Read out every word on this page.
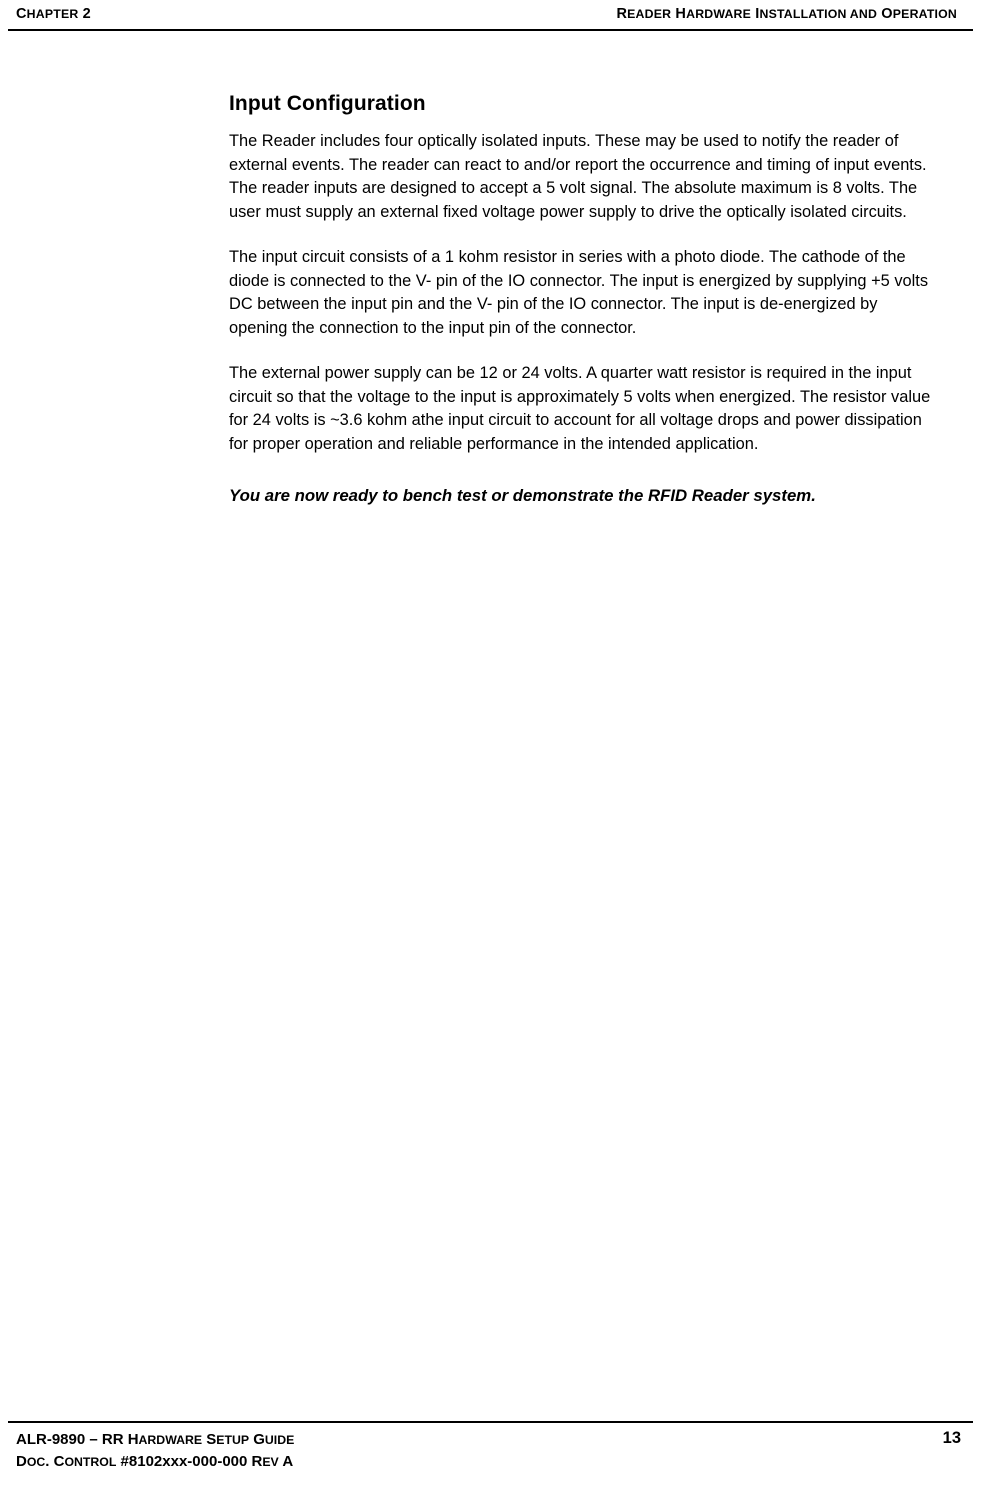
CHAPTER 2	READER HARDWARE INSTALLATION AND OPERATION
Input Configuration

The Reader includes four optically isolated inputs. These may be used to notify the reader of external events. The reader can react to and/or report the occurrence and timing of input events. The reader inputs are designed to accept a 5 volt signal. The absolute maximum is 8 volts. The user must supply an external fixed voltage power supply to drive the optically isolated circuits.

The input circuit consists of a 1 kohm resistor in series with a photo diode. The cathode of the diode is connected to the V- pin of the IO connector. The input is energized by supplying +5 volts DC between the input pin and the V- pin of the IO connector. The input is de-energized by opening the connection to the input pin of the connector.

The external power supply can be 12 or 24 volts. A quarter watt resistor is required in the input circuit so that the voltage to the input is approximately 5 volts when energized. The resistor value for 24 volts is ~3.6 kohm athe input circuit to account for all voltage drops and power dissipation for proper operation and reliable performance in the intended application.

You are now ready to bench test or demonstrate the RFID Reader system.

ALR-9890 – RR HARDWARE SETUP GUIDE
DOC. CONTROL #8102xxx-000-000 REV A
13
